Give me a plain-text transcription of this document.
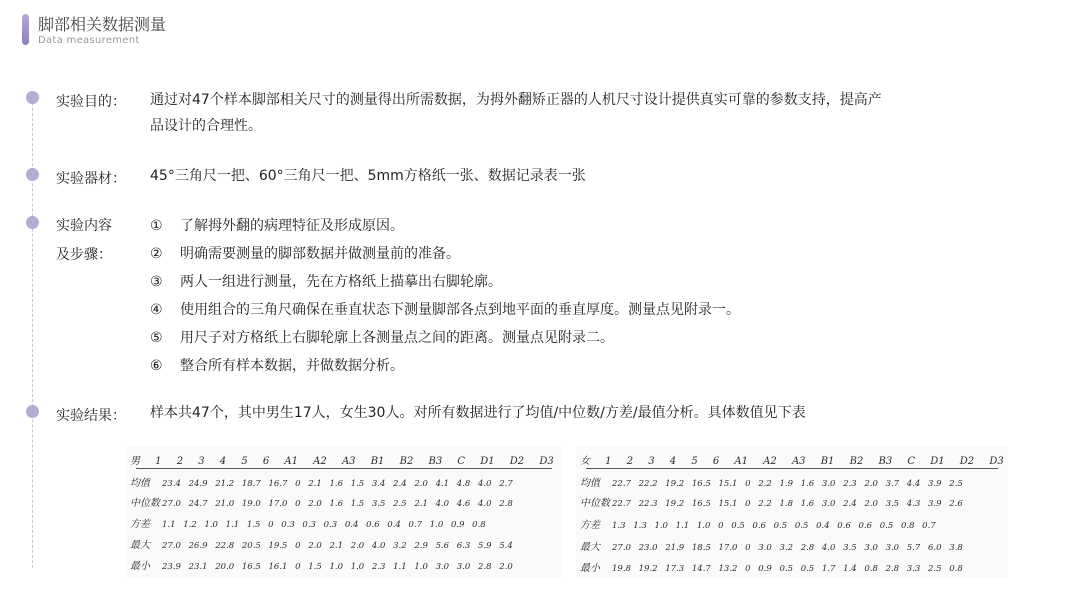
脚部相关数据测量
Data measurement
实验目的： 通过对47个样本脚部相关尺寸的测量得出所需数据，为拇外翻矫正器的人机尺寸设计提供真实可靠的参数支持，提高产
品设计的合理性。
实验器材： 45°三角尺一把、60°三角尺一把、5mm方格纸一张、数据记录表一张
实验内容
及步骤：
① 了解拇外翻的病理特征及形成原因。
② 明确需要测量的脚部数据并做测量前的准备。
③ 两人一组进行测量，先在方格纸上描摹出右脚轮廓。
④ 使用组合的三角尺确保在垂直状态下测量脚部各点到地平面的垂直厚度。测量点见附录一。
⑤ 用尺子对方格纸上右脚轮廓上各测量点之间的距离。测量点见附录二。
⑥ 整合所有样本数据，并做数据分析。
实验结果： 样本共47个，其中男生17人，女生30人。对所有数据进行了均值/中位数/方差/最值分析。具体数值见下表
男 1 2 3 4 5 6 A1 A2 A3 B1 B2 B3 C D1 D2 D3
均值 23.4 24.9 21.2 18.7 16.7 0 2.1 1.6 1.5 3.4 2.4 2.0 4.1 4.8 4.0 2.7
中位数 27.0 24.7 21.0 19.0 17.0 0 2.0 1.6 1.5 3.5 2.5 2.1 4.0 4.6 4.0 2.8
方差 1.1 1.2 1.0 1.1 1.5 0 0.3 0.3 0.3 0.4 0.6 0.4 0.7 1.0 0.9 0.8
最大 27.0 26.9 22.8 20.5 19.5 0 2.0 2.1 2.0 4.0 3.2 2.9 5.6 6.3 5.9 5.4
最小 23.9 23.1 20.0 16.5 16.1 0 1.5 1.0 1.0 2.3 1.1 1.0 3.0 3.0 2.8 2.0
女 1 2 3 4 5 6 A1 A2 A3 B1 B2 B3 C D1 D2 D3
均值 22.7 22.2 19.2 16.5 15.1 0 2.2 1.9 1.6 3.0 2.3 2.0 3.7 4.4 3.9 2.5
中位数 22.7 22.3 19.2 16.5 15.1 0 2.2 1.8 1.6 3.0 2.4 2.0 3.5 4.3 3.9 2.6
方差 1.3 1.3 1.0 1.1 1.0 0 0.5 0.6 0.5 0.5 0.4 0.6 0.6 0.5 0.8 0.7
最大 27.0 23.0 21.9 18.5 17.0 0 3.0 3.2 2.8 4.0 3.5 3.0 3.0 5.7 6.0 3.8
最小 19.8 19.2 17.3 14.7 13.2 0 0.9 0.5 0.5 1.7 1.4 0.8 2.8 3.3 2.5 0.8
